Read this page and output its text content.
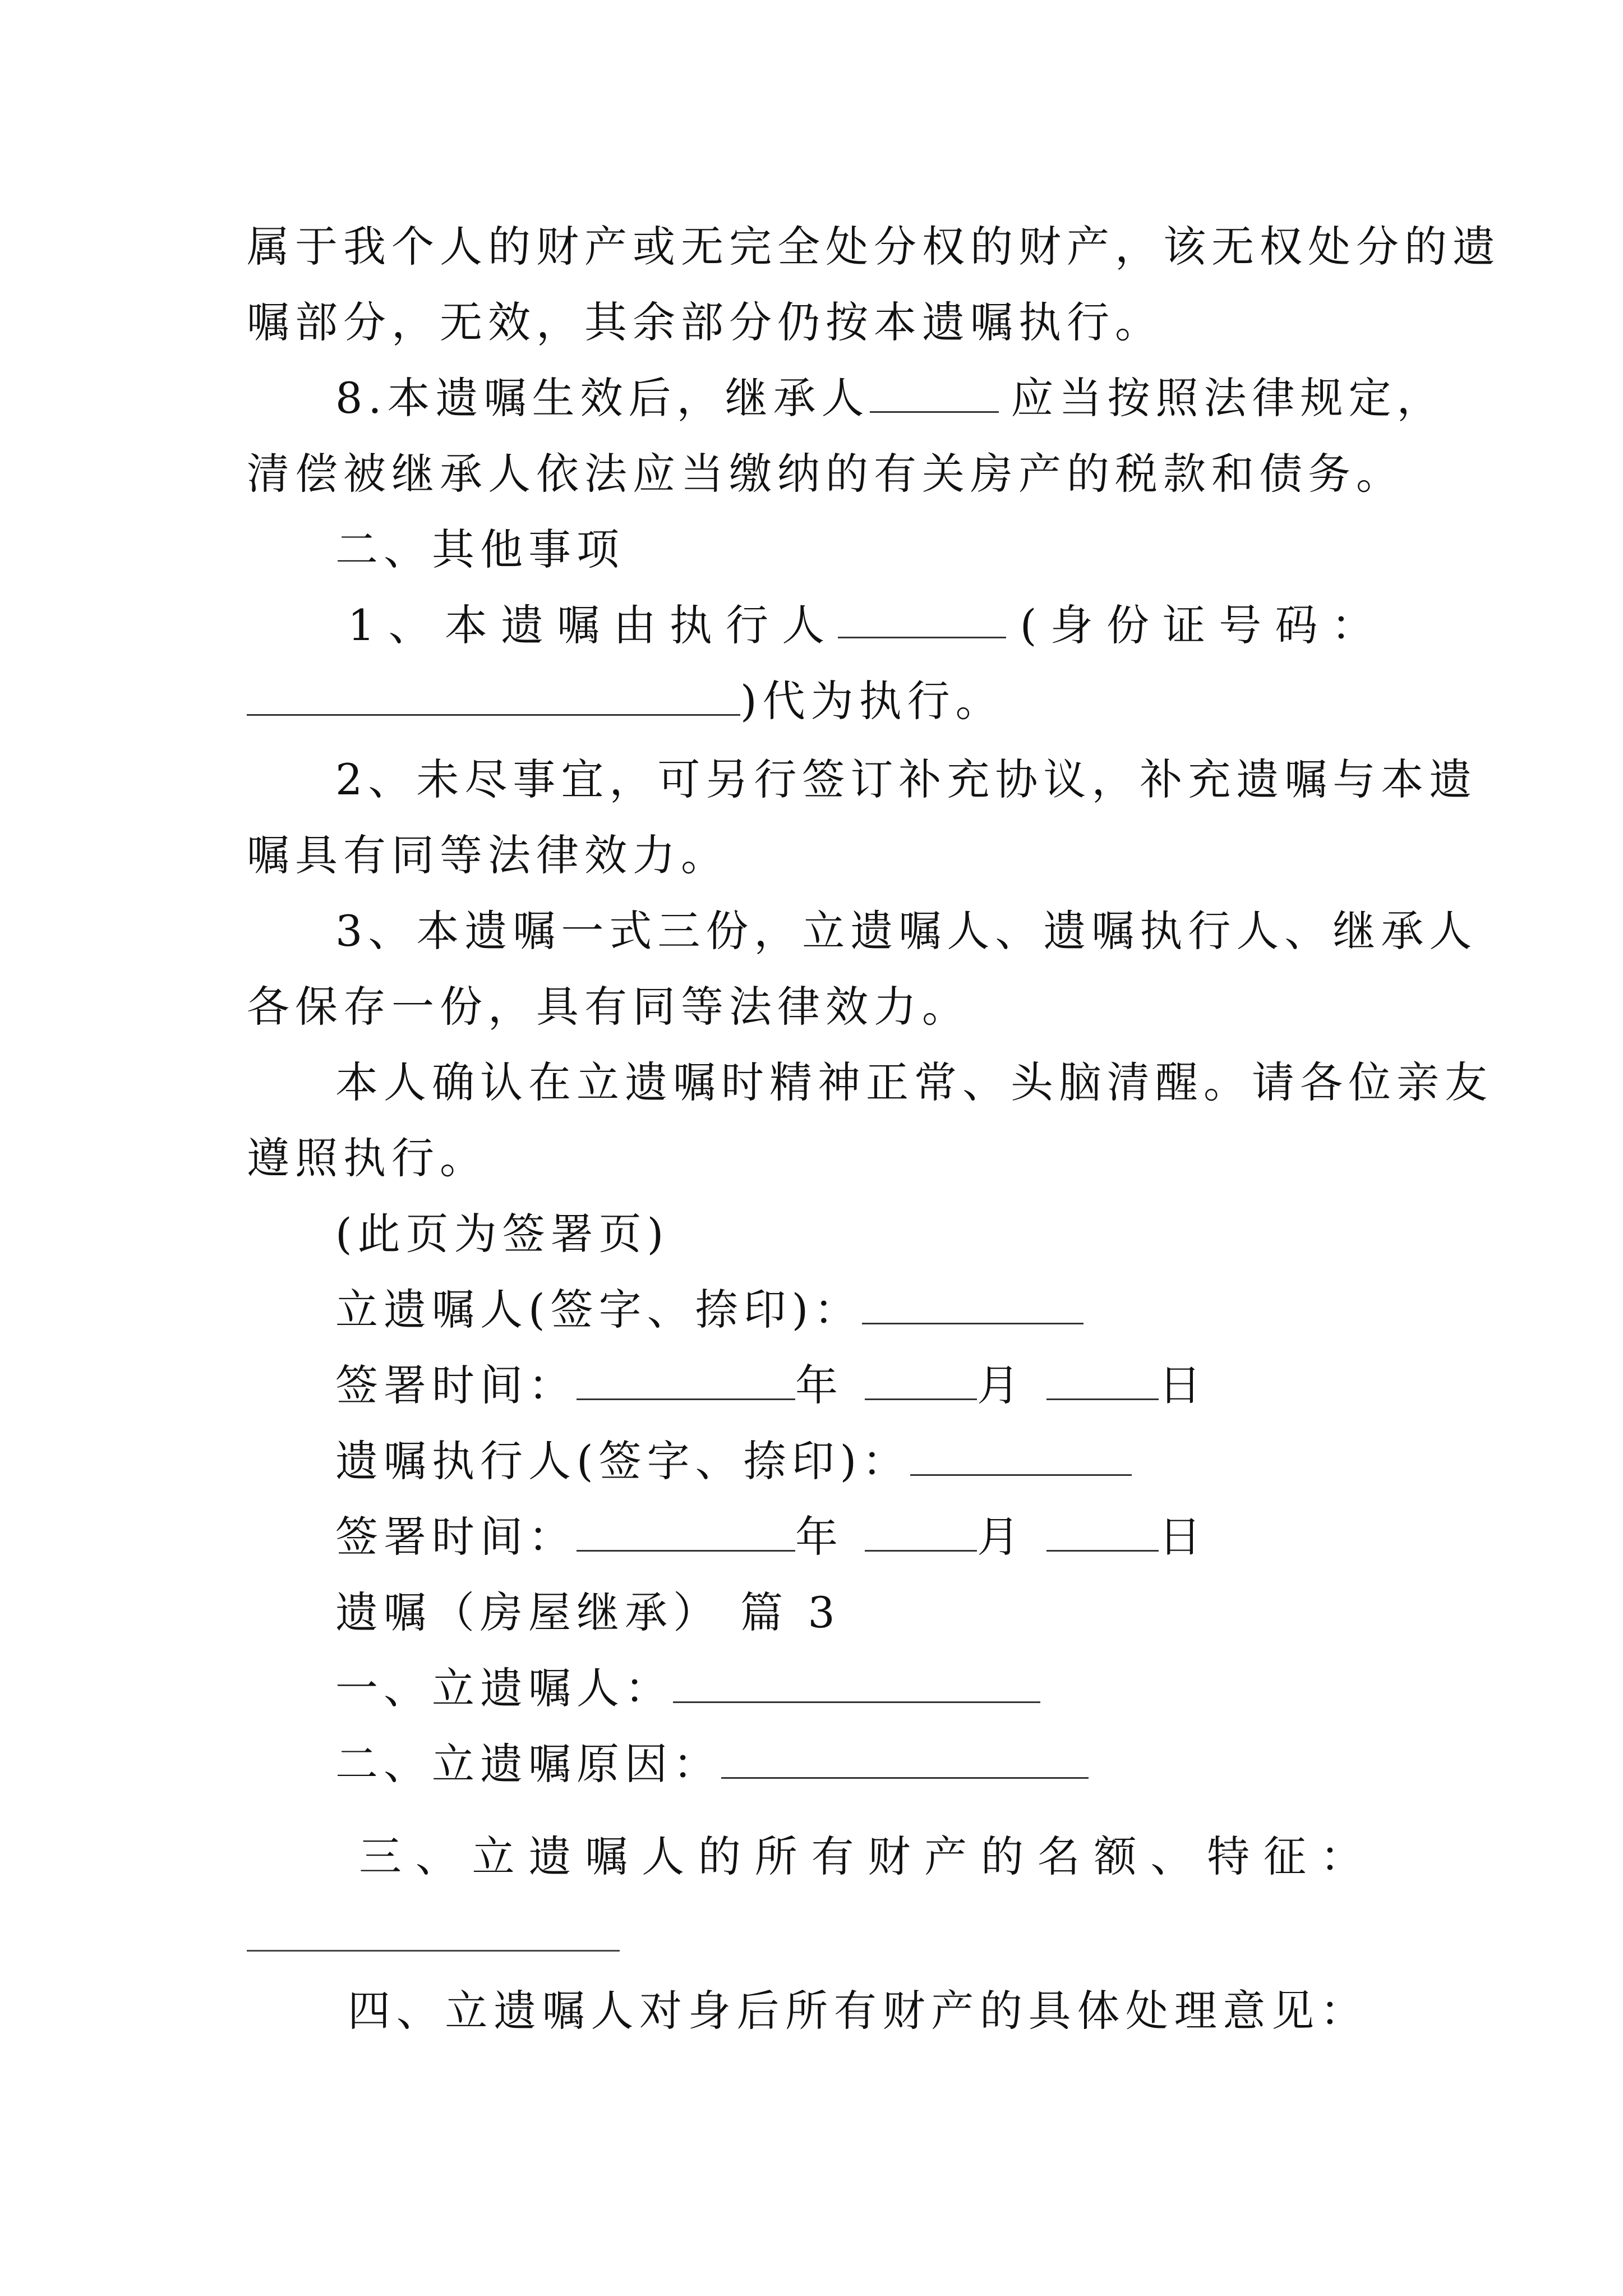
属于我个人的财产或无完全处分权的财产，该无权处分的遗
嘱部分，无效，其余部分仍按本遗嘱执行。
8.本遗嘱生效后，继承人	应当按照法律规定，
清偿被继承人依法应当缴纳的有关房产的税款和债务。
二、其他事项
1 、 本 遗 嘱 由 执 行 人	( 身 份 证 号 码 ：
)代为执行。
2、未尽事宜，可另行签订补充协议，补充遗嘱与本遗
嘱具有同等法律效力。
3、本遗嘱一式三份，立遗嘱人、遗嘱执行人、继承人
各保存一份，具有同等法律效力。
本人确认在立遗嘱时精神正常、头脑清醒。请各位亲友
遵照执行。
(此页为签署页)
立遗嘱人(签字、捺印)：
签署时间：	年	月	日
遗嘱执行人(签字、捺印)：
签署时间：	年	月	日
遗嘱（房屋继承） 篇 3
一、立遗嘱人：
二、立遗嘱原因：
三 、 立 遗 嘱 人 的 所 有 财 产 的 名 额 、 特 征 ：
四 、 立 遗 嘱 人 对 身 后 所 有 财 产 的 具 体 处 理 意 见 ：
